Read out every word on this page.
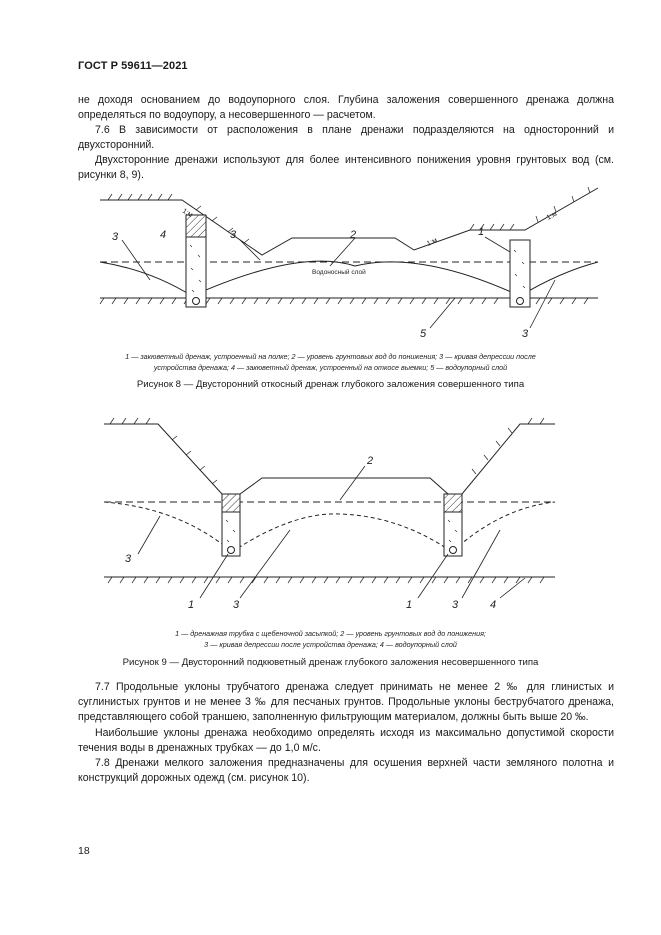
ГОСТ Р 59611—2021
не доходя основанием до водоупорного слоя. Глубина заложения совершенного дренажа должна определяться по водоупору, а несовершенного — расчетом.
7.6 В зависимости от расположения в плане дренажи подразделяются на односторонний и двухсторонний.
Двухсторонние дренажи используют для более интенсивного понижения уровня грунтовых вод (см. рисунки 8, 9).
3	4	3	2	1
5	3
1:м
1:м
1:м
Водоносный слой
1 — закюветный дренаж, устроенный на полке; 2 — уровень грунтовых вод до понижения; 3 — кривая депрессии после
устройства дренажа; 4 — закюветный дренаж, устроенный на откосе выемки; 5 — водоупорный слой
Рисунок 8 — Двусторонний откосный дренаж глубокого заложения совершенного типа
2
3
1	3	1	3	4
1 — дренажная трубка с щебеночной засыпкой; 2 — уровень грунтовых вод до понижения;
3 — кривая депрессии после устройства дренажа; 4 — водоупорный слой
Рисунок 9 — Двусторонний подкюветный дренаж глубокого заложения несовершенного типа
7.7 Продольные уклоны трубчатого дренажа следует принимать не менее 2 ‰ для глинистых и суглинистых грунтов и не менее 3 ‰ для песчаных грунтов. Продольные уклоны беструбчатого дренажа, представляющего собой траншею, заполненную фильтрующим материалом, должны быть выше 20 ‰.
Наибольшие уклоны дренажа необходимо определять исходя из максимально допустимой скорости течения воды в дренажных трубках — до 1,0 м/с.
7.8 Дренажи мелкого заложения предназначены для осушения верхней части земляного полотна и конструкций дорожных одежд (см. рисунок 10).
18
